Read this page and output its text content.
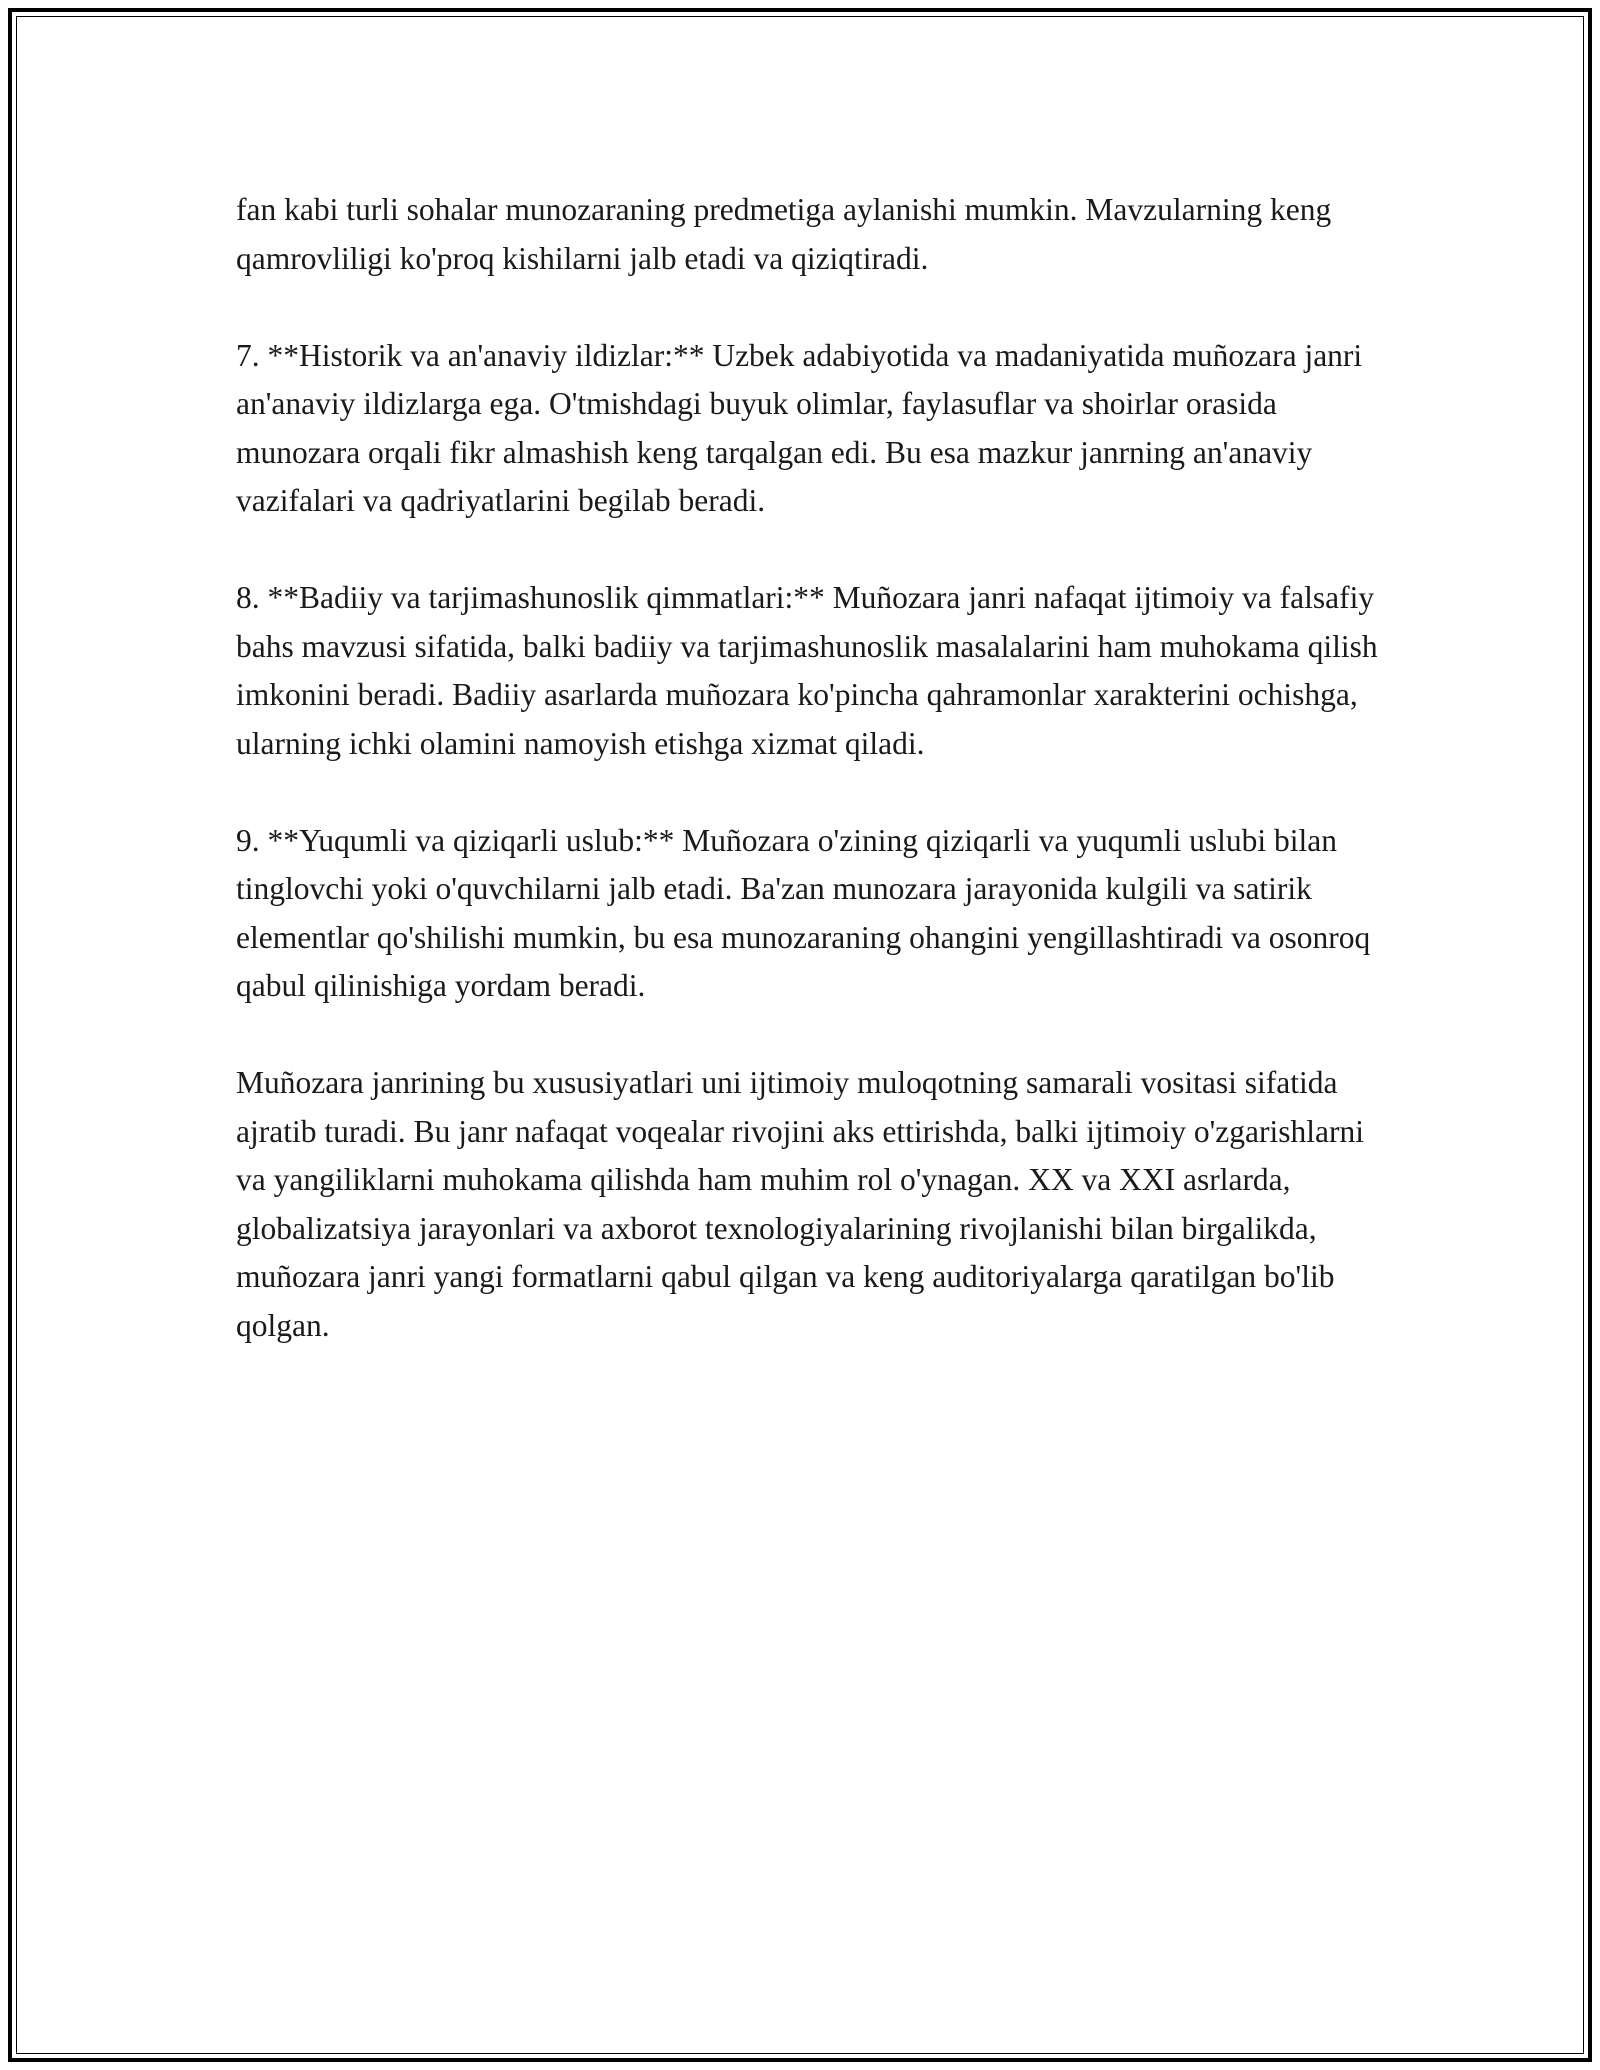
fan kabi turli sohalar munozaraning predmetiga aylanishi mumkin. Mavzularning keng qamrovliligi ko'proq kishilarni jalb etadi va qiziqtiradi.

7. **Historik va an'anaviy ildizlar:** Uzbek adabiyotida va madaniyatida muñozara janri an'anaviy ildizlarga ega. O'tmishdagi buyuk olimlar, faylasuflar va shoirlar orasida munozara orqali fikr almashish keng tarqalgan edi. Bu esa mazkur janrning an'anaviy vazifalari va qadriyatlarini begilab beradi.

8. **Badiiy va tarjimashunoslik qimmatlari:** Muñozara janri nafaqat ijtimoiy va falsafiy bahs mavzusi sifatida, balki badiiy va tarjimashunoslik masalalarini ham muhokama qilish imkonini beradi. Badiiy asarlarda muñozara ko'pincha qahramonlar xarakterini ochishga, ularning ichki olamini namoyish etishga xizmat qiladi.

9. **Yuqumli va qiziqarli uslub:** Muñozara o'zining qiziqarli va yuqumli uslubi bilan tinglovchi yoki o'quvchilarni jalb etadi. Ba'zan munozara jarayonida kulgili va satirik elementlar qo'shilishi mumkin, bu esa munozaraning ohangini yengillashtiradi va osonroq qabul qilinishiga yordam beradi.

Muñozara janrining bu xususiyatlari uni ijtimoiy muloqotning samarali vositasi sifatida ajratib turadi. Bu janr nafaqat voqealar rivojini aks ettirishda, balki ijtimoiy o'zgarishlarni va yangiliklarni muhokama qilishda ham muhim rol o'ynagan. XX va XXI asrlarda, globalizatsiya jarayonlari va axborot texnologiyalarining rivojlanishi bilan birgalikda, muñozara janri yangi formatlarni qabul qilgan va keng auditoriyalarga qaratilgan bo'lib qolgan.
